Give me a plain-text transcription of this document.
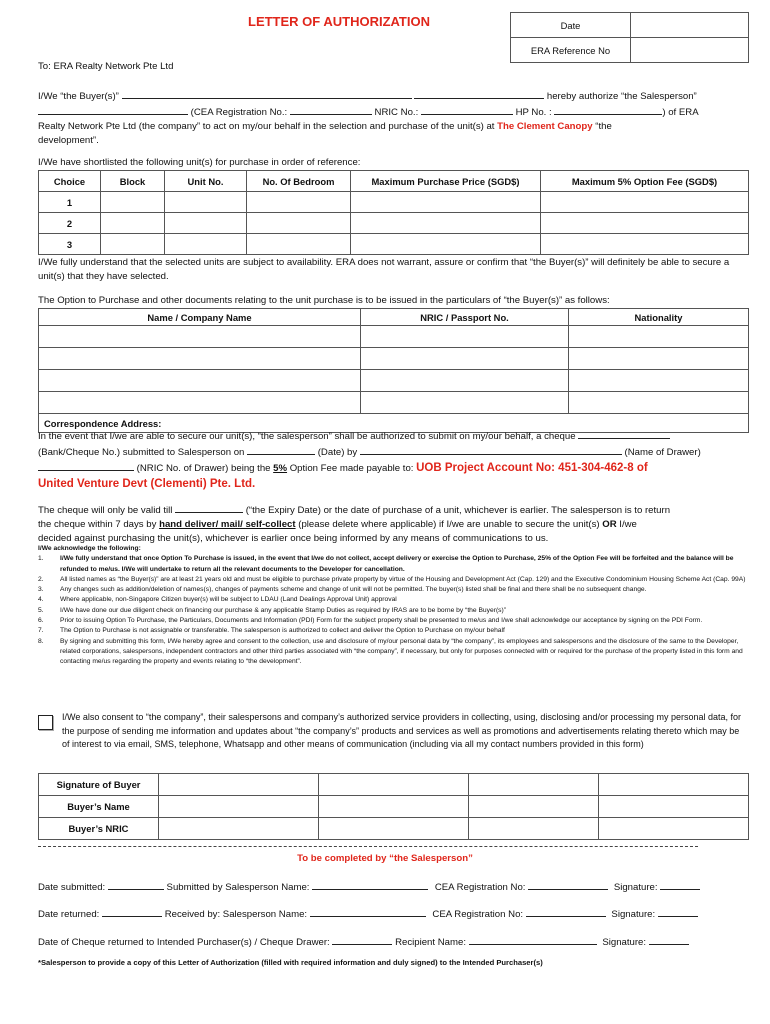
LETTER OF AUTHORIZATION	Date	
ERA Reference No	
To: ERA Realty Network Pte Ltd
I/We “the Buyer(s)”	hereby authorize “the Salesperson”
(CEA Registration No.:	NRIC No.:	HP No. :	) of ERA
Realty Network Pte Ltd (the company” to act on my/our behalf in the selection and purchase of the unit(s) at The Clement Canopy “the
development”.
I/We have shortlisted the following unit(s) for purchase in order of reference:
Choice	Block	Unit No.	No. Of Bedroom	Maximum Purchase Price (SGD$)	Maximum 5% Option Fee (SGD$)
1					
2					
3					
I/We fully understand that the selected units are subject to availability. ERA does not warrant, assure or confirm that “the Buyer(s)” will definitely be able to secure a unit(s) that they have selected.
The Option to Purchase and other documents relating to the unit purchase is to be issued in the particulars of “the Buyer(s)” as follows:
Name / Company Name	NRIC / Passport No.	Nationality

Correspondence Address:		
In the event that I/we are able to secure our unit(s), “the salesperson” shall be authorized to submit on my/our behalf, a cheque
(Bank/Cheque No.) submitted to Salesperson on	(Date) by	(Name of Drawer)
(NRIC No. of Drawer) being the 5% Option Fee made payable to: UOB Project Account No: 451-304-462-8 of
United Venture Devt (Clementi) Pte. Ltd.
The cheque will only be valid till	(“the Expiry Date) or the date of purchase of a unit, whichever is earlier. The salesperson is to return
the cheque within 7 days by hand deliver/ mail/ self-collect (please delete where applicable) if I/we are unable to secure the unit(s) OR I/we
decided against purchasing the unit(s), whichever is earlier once being informed by any means of communications to us.
I/We acknowledge the following:
1.	I/We fully understand that once Option To Purchase is issued, in the event that I/we do not collect, accept delivery or exercise the Option to Purchase, 25% of the Option Fee will be forfeited and the balance will be refunded to me/us. I/We will undertake to return all the relevant documents to the Developer for cancellation.
2.	All listed names as “the Buyer(s)” are at least 21 years old and must be eligible to purchase private property by virtue of the Housing and Development Act (Cap. 129) and the Executive Condominium Housing Scheme Act (Cap. 99A)
3.	Any changes such as addition/deletion of names(s), changes of payments scheme and change of unit will not be permitted. The buyer(s) listed shall be final and there shall be no subsequent change.
4.	Where applicable, non-Singapore Citizen buyer(s) will be subject to LDAU (Land Dealings Approval Unit) approval
5.	I/We have done our due diligent check on financing our purchase & any applicable Stamp Duties as required by IRAS are to be borne by “the Buyer(s)”
6.	Prior to issuing Option To Purchase, the Particulars, Documents and Information (PDI) Form for the subject property shall be presented to me/us and I/we shall acknowledge our acceptance by signing on the PDI Form.
7.	The Option to Purchase is not assignable or transferable. The salesperson is authorized to collect and deliver the Option to Purchase on my/our behalf
8.	By signing and submitting this form, I/We hereby agree and consent to the collection, use and disclosure of my/our personal data by “the company”, its employees and salespersons and the disclosure of the same to the Developer, related corporations, salespersons, independent contractors and other third parties associated with “the company”, if necessary, but only for purposes connected with or required for the purchase of the property listed in this form and contacting me/us regarding the property and events relating to “the development”.
I/We also consent to “the company”, their salespersons and company’s authorized service providers in collecting, using, disclosing and/or processing my personal data, for the purpose of sending me information and updates about “the company’s” products and services as well as promotions and advertisements relating thereto which may be of interest to via email, SMS, telephone, Whatsapp and other means of communication (including via all my contact numbers provided in this form)
Signature of Buyer				
Buyer’s Name				
Buyer’s NRIC				
To be completed by “the Salesperson”
Date submitted:	Submitted by Salesperson Name:	CEA Registration No:	Signature:
Date returned:	Received by: Salesperson Name:	CEA Registration No:	Signature:
Date of Cheque returned to Intended Purchaser(s) / Cheque Drawer:	Recipient Name:	Signature:
*Salesperson to provide a copy of this Letter of Authorization (filled with required information and duly signed) to the Intended Purchaser(s)
